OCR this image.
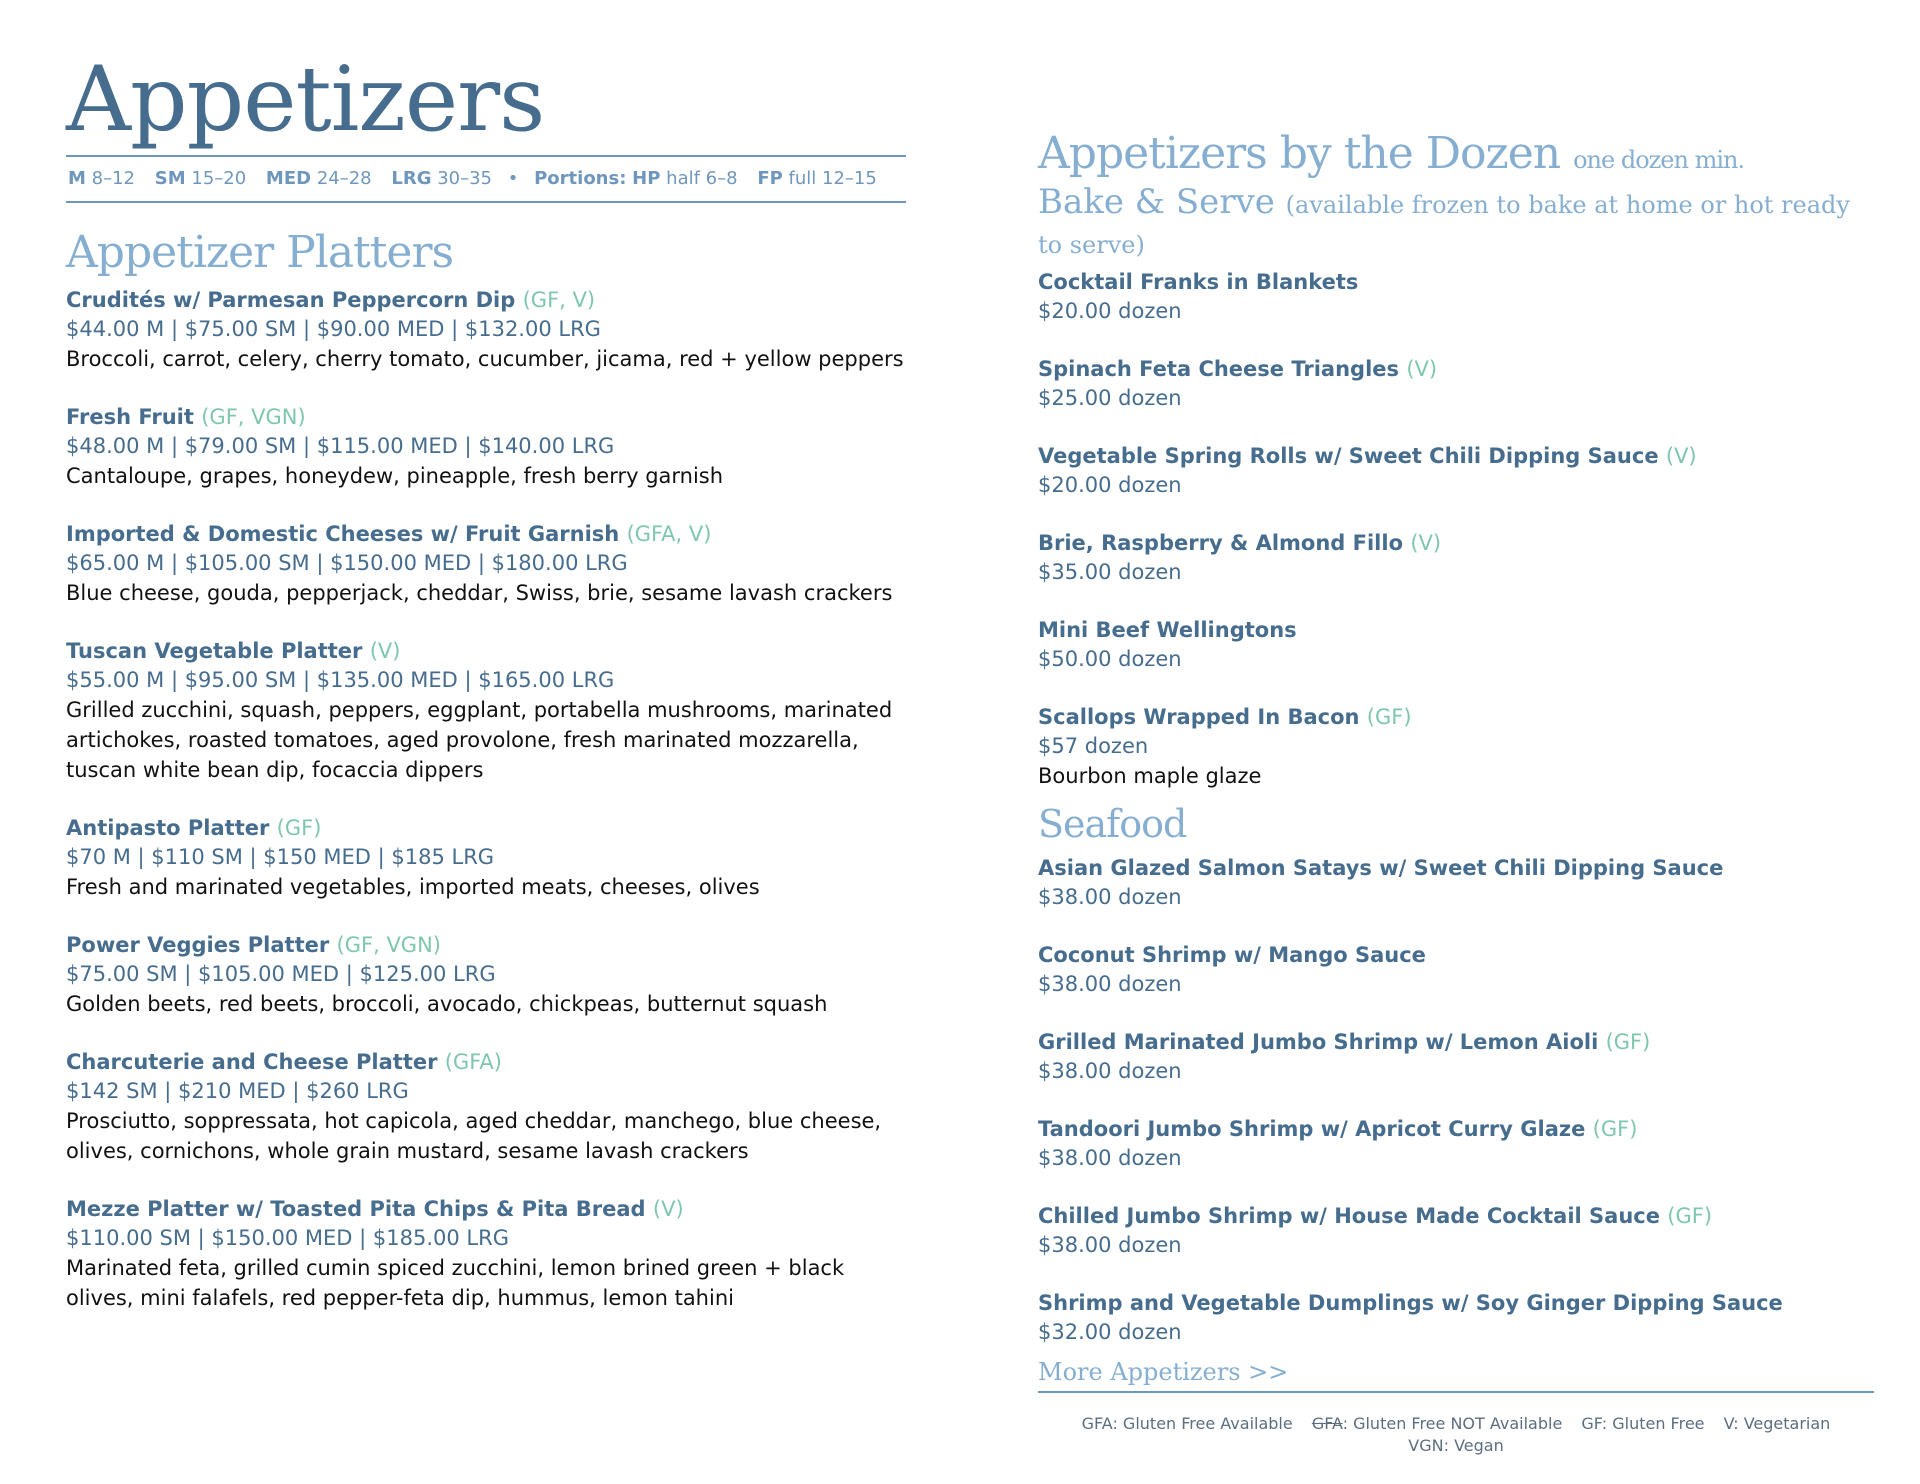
Appetizers
M 8–12 SM 15–20 MED 24–28 LRG 30–35 • Portions: HP half 6–8 FP full 12–15
Appetizer Platters
Crudités w/ Parmesan Peppercorn Dip (GF, V)
$44.00 M | $75.00 SM | $90.00 MED | $132.00 LRG
Broccoli, carrot, celery, cherry tomato, cucumber, jicama, red + yellow peppers
Fresh Fruit (GF, VGN)
$48.00 M | $79.00 SM | $115.00 MED | $140.00 LRG
Cantaloupe, grapes, honeydew, pineapple, fresh berry garnish
Imported & Domestic Cheeses w/ Fruit Garnish (GFA, V)
$65.00 M | $105.00 SM | $150.00 MED | $180.00 LRG
Blue cheese, gouda, pepperjack, cheddar, Swiss, brie, sesame lavash crackers
Tuscan Vegetable Platter (V)
$55.00 M | $95.00 SM | $135.00 MED | $165.00 LRG
Grilled zucchini, squash, peppers, eggplant, portabella mushrooms, marinated artichokes, roasted tomatoes, aged provolone, fresh marinated mozzarella, tuscan white bean dip, focaccia dippers
Antipasto Platter (GF)
$70 M | $110 SM | $150 MED | $185 LRG
Fresh and marinated vegetables, imported meats, cheeses, olives
Power Veggies Platter (GF, VGN)
$75.00 SM | $105.00 MED | $125.00 LRG
Golden beets, red beets, broccoli, avocado, chickpeas, butternut squash
Charcuterie and Cheese Platter (GFA)
$142 SM | $210 MED | $260 LRG
Prosciutto, soppressata, hot capicola, aged cheddar, manchego, blue cheese, olives, cornichons, whole grain mustard, sesame lavash crackers
Mezze Platter w/ Toasted Pita Chips & Pita Bread (V)
$110.00 SM | $150.00 MED | $185.00 LRG
Marinated feta, grilled cumin spiced zucchini, lemon brined green + black olives, mini falafels, red pepper-feta dip, hummus, lemon tahini
Appetizers by the Dozen one dozen min.
Bake & Serve (available frozen to bake at home or hot ready to serve)
Cocktail Franks in Blankets
$20.00 dozen
Spinach Feta Cheese Triangles (V)
$25.00 dozen
Vegetable Spring Rolls w/ Sweet Chili Dipping Sauce (V)
$20.00 dozen
Brie, Raspberry & Almond Fillo (V)
$35.00 dozen
Mini Beef Wellingtons
$50.00 dozen
Scallops Wrapped In Bacon (GF)
$57 dozen
Bourbon maple glaze
Seafood
Asian Glazed Salmon Satays w/ Sweet Chili Dipping Sauce
$38.00 dozen
Coconut Shrimp w/ Mango Sauce
$38.00 dozen
Grilled Marinated Jumbo Shrimp w/ Lemon Aioli (GF)
$38.00 dozen
Tandoori Jumbo Shrimp w/ Apricot Curry Glaze (GF)
$38.00 dozen
Chilled Jumbo Shrimp w/ House Made Cocktail Sauce (GF)
$38.00 dozen
Shrimp and Vegetable Dumplings w/ Soy Ginger Dipping Sauce
$32.00 dozen
More Appetizers >>
GFA: Gluten Free Available GFA: Gluten Free NOT Available GF: Gluten Free V: Vegetarian VGN: Vegan
